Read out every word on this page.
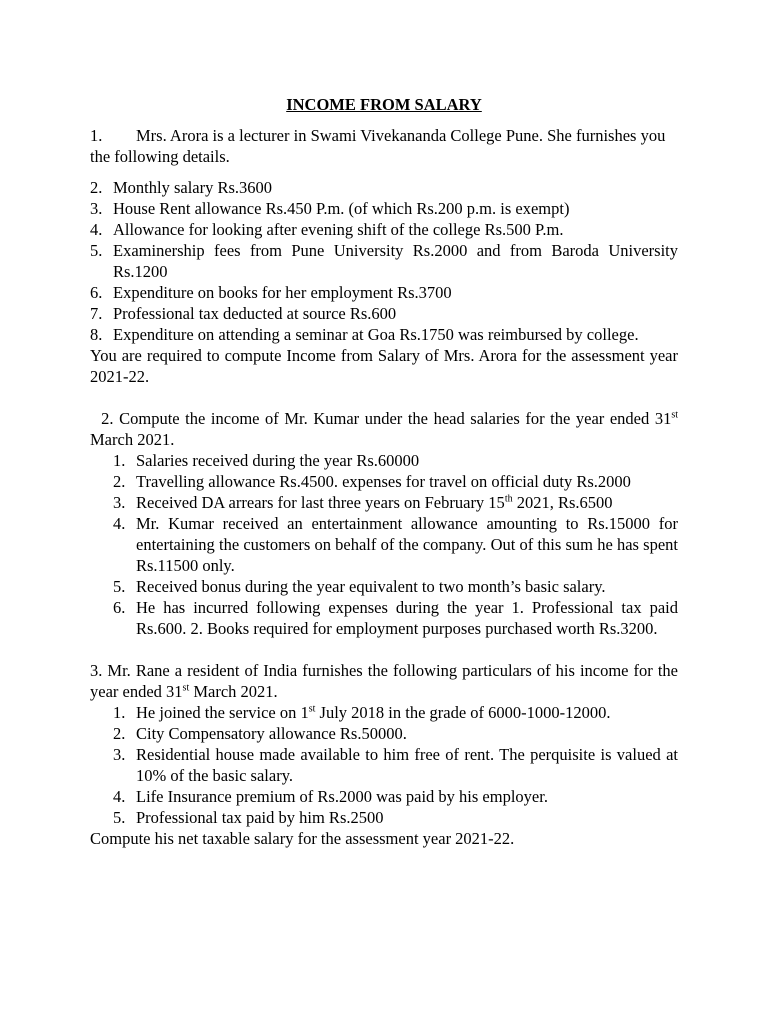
INCOME FROM SALARY

1. Mrs. Arora is a lecturer in Swami Vivekananda College Pune. She furnishes you the following details.

2. Monthly salary Rs.3600
3. House Rent allowance Rs.450 P.m. (of which Rs.200 p.m. is exempt)
4. Allowance for looking after evening shift of the college Rs.500 P.m.
5. Examinership fees from Pune University Rs.2000 and from Baroda University Rs.1200
6. Expenditure on books for her employment Rs.3700
7. Professional tax deducted at source Rs.600
8. Expenditure on attending a seminar at Goa Rs.1750 was reimbursed by college.

You are required to compute Income from Salary of Mrs. Arora for the assessment year 2021-22.

2. Compute the income of Mr. Kumar under the head salaries for the year ended 31st March 2021.

1. Salaries received during the year Rs.60000
2. Travelling allowance Rs.4500. expenses for travel on official duty Rs.2000
3. Received DA arrears for last three years on February 15th 2021, Rs.6500
4. Mr. Kumar received an entertainment allowance amounting to Rs.15000 for entertaining the customers on behalf of the company. Out of this sum he has spent Rs.11500 only.
5. Received bonus during the year equivalent to two month’s basic salary.
6. He has incurred following expenses during the year 1. Professional tax paid Rs.600. 2. Books required for employment purposes purchased worth Rs.3200.

3. Mr. Rane a resident of India furnishes the following particulars of his income for the year ended 31st March 2021.

1. He joined the service on 1st July 2018 in the grade of 6000-1000-12000.
2. City Compensatory allowance Rs.50000.
3. Residential house made available to him free of rent. The perquisite is valued at 10% of the basic salary.
4. Life Insurance premium of Rs.2000 was paid by his employer.
5. Professional tax paid by him Rs.2500

Compute his net taxable salary for the assessment year 2021-22.
